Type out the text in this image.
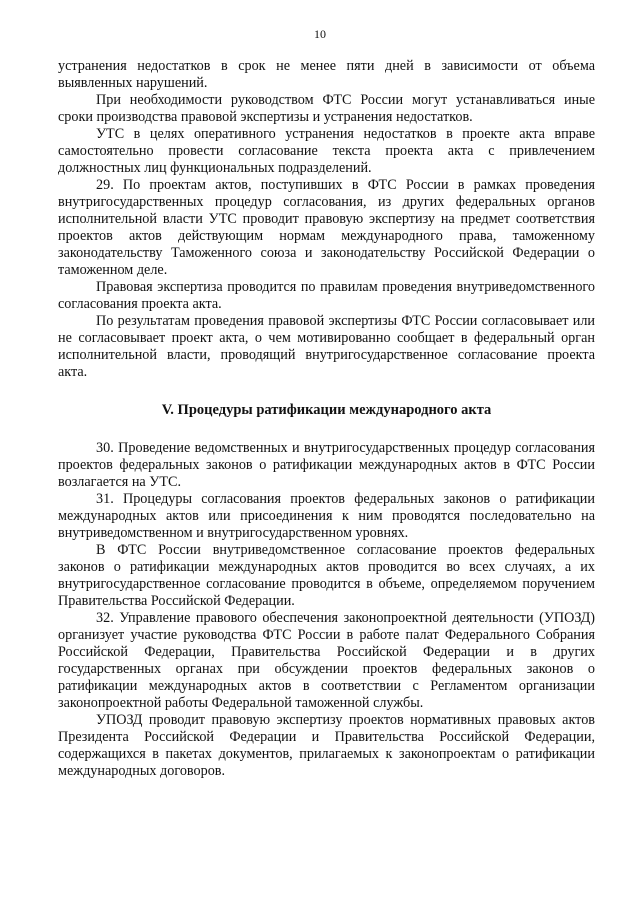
10

устранения недостатков в срок не менее пяти дней в зависимости от объема выявленных нарушений.

При необходимости руководством ФТС России могут устанавливаться иные сроки производства правовой экспертизы и устранения недостатков.

УТС в целях оперативного устранения недостатков в проекте акта вправе самостоятельно провести согласование текста проекта акта с привлечением должностных лиц функциональных подразделений.

29. По проектам актов, поступивших в ФТС России в рамках проведения внутригосударственных процедур согласования, из других федеральных органов исполнительной власти УТС проводит правовую экспертизу на предмет соответствия проектов актов действующим нормам международного права, таможенному законодательству Таможенного союза и законодательству Российской Федерации о таможенном деле.

Правовая экспертиза проводится по правилам проведения внутриведомственного согласования проекта акта.

По результатам проведения правовой экспертизы ФТС России согласовывает или не согласовывает проект акта, о чем мотивированно сообщает в федеральный орган исполнительной власти, проводящий внутригосударственное согласование проекта акта.

V. Процедуры ратификации международного акта

30. Проведение ведомственных и внутригосударственных процедур согласования проектов федеральных законов о ратификации международных актов в ФТС России возлагается на УТС.

31. Процедуры согласования проектов федеральных законов о ратификации международных актов или присоединения к ним проводятся последовательно на внутриведомственном и внутригосударственном уровнях.

В ФТС России внутриведомственное согласование проектов федеральных законов о ратификации международных актов проводится во всех случаях, а их внутригосударственное согласование проводится в объеме, определяемом поручением Правительства Российской Федерации.

32. Управление правового обеспечения законопроектной деятельности (УПОЗД) организует участие руководства ФТС России в работе палат Федерального Собрания Российской Федерации, Правительства Российской Федерации и в других государственных органах при обсуждении проектов федеральных законов о ратификации международных актов в соответствии с Регламентом организации законопроектной работы Федеральной таможенной службы.

УПОЗД проводит правовую экспертизу проектов нормативных правовых актов Президента Российской Федерации и Правительства Российской Федерации, содержащихся в пакетах документов, прилагаемых к законопроектам о ратификации международных договоров.
